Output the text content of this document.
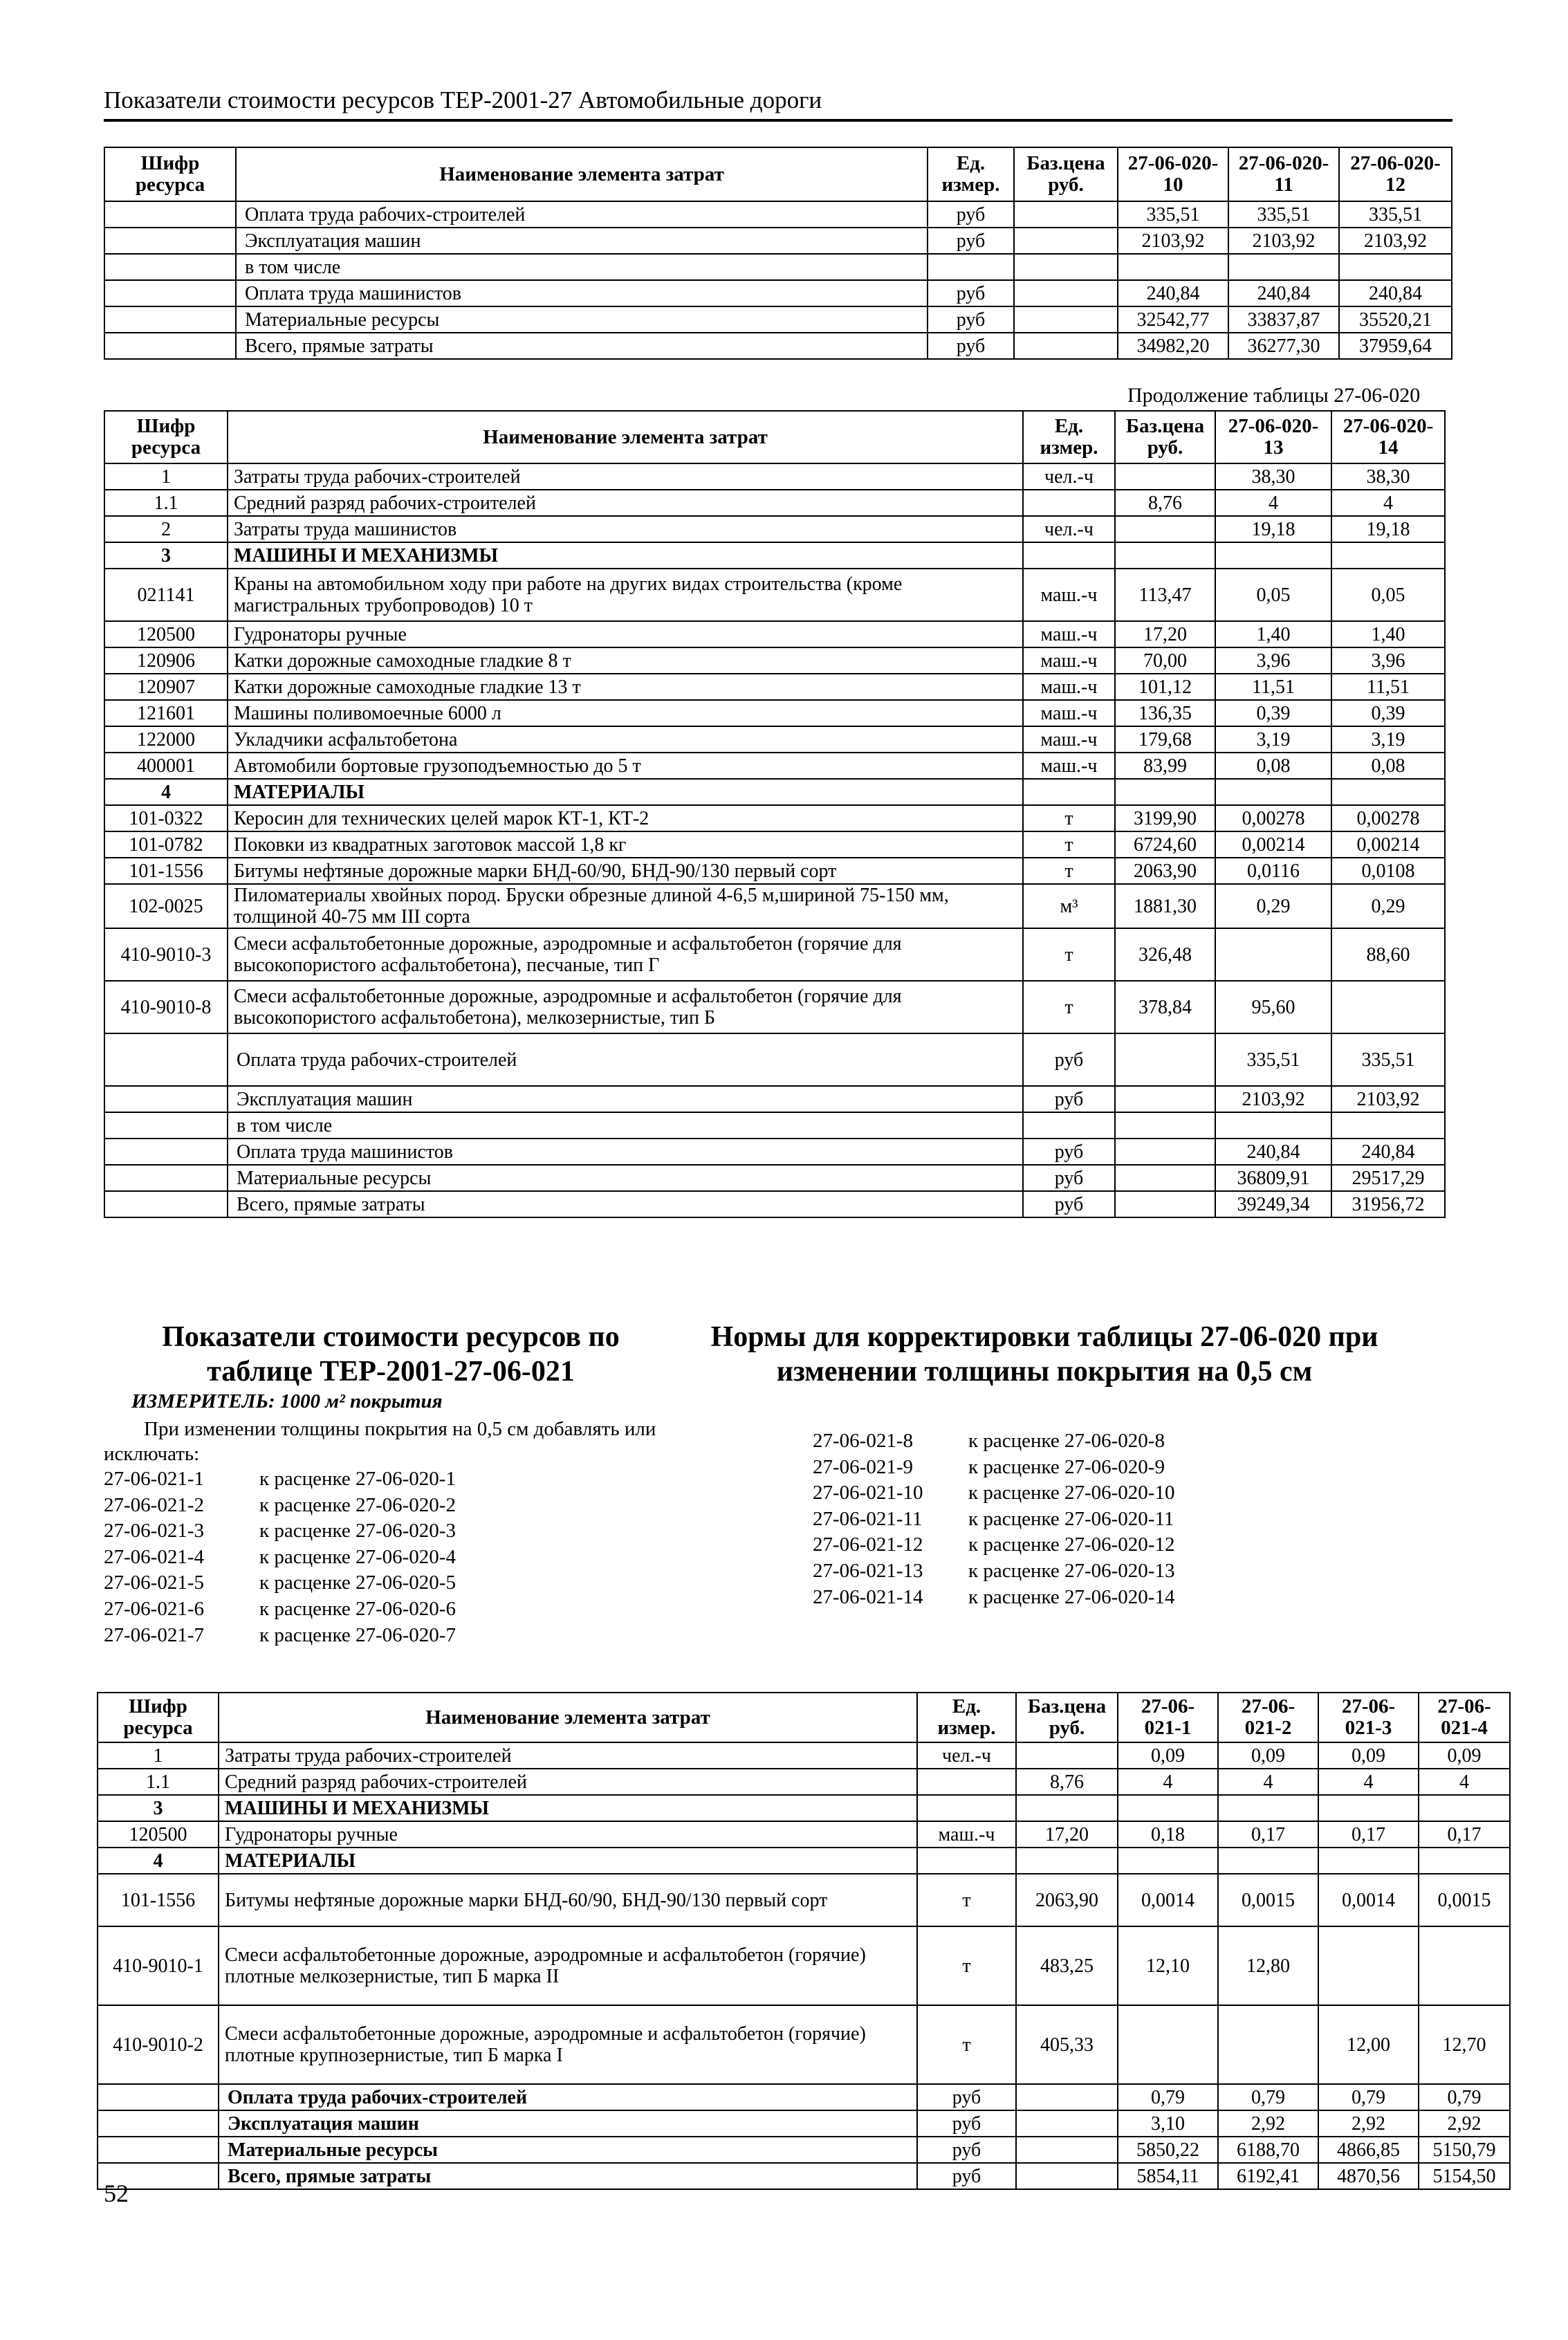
Показатели стоимости ресурсов ТЕР-2001-27 Автомобильные дороги
Шифр ресурса	Наименование элемента затрат	Ед. измер.	Баз.цена руб.	27-06-020-10	27-06-020-11	27-06-020-12
	Оплата труда рабочих-строителей	руб		335,51	335,51	335,51
	Эксплуатация машин	руб		2103,92	2103,92	2103,92
	в том числе					
	Оплата труда машинистов	руб		240,84	240,84	240,84
	Материальные ресурсы	руб		32542,77	33837,87	35520,21
	Всего, прямые затраты	руб		34982,20	36277,30	37959,64
Продолжение таблицы 27-06-020
Шифр ресурса	Наименование элемента затрат	Ед. измер.	Баз.цена руб.	27-06-020-13	27-06-020-14
1	Затраты труда рабочих-строителей	чел.-ч		38,30	38,30
1.1	Средний разряд рабочих-строителей		8,76	4	4
2	Затраты труда машинистов	чел.-ч		19,18	19,18
3	МАШИНЫ И МЕХАНИЗМЫ				
021141	Краны на автомобильном ходу при работе на других видах строительства (кроме магистральных трубопроводов) 10 т	маш.-ч	113,47	0,05	0,05
120500	Гудронаторы ручные	маш.-ч	17,20	1,40	1,40
120906	Катки дорожные самоходные гладкие 8 т	маш.-ч	70,00	3,96	3,96
120907	Катки дорожные самоходные гладкие 13 т	маш.-ч	101,12	11,51	11,51
121601	Машины поливомоечные 6000 л	маш.-ч	136,35	0,39	0,39
122000	Укладчики асфальтобетона	маш.-ч	179,68	3,19	3,19
400001	Автомобили бортовые грузоподъемностью до 5 т	маш.-ч	83,99	0,08	0,08
4	МАТЕРИАЛЫ				
101-0322	Керосин для технических целей марок КТ-1, КТ-2	т	3199,90	0,00278	0,00278
101-0782	Поковки из квадратных заготовок массой 1,8 кг	т	6724,60	0,00214	0,00214
101-1556	Битумы нефтяные дорожные марки БНД-60/90, БНД-90/130 первый сорт	т	2063,90	0,0116	0,0108
102-0025	Пиломатериалы хвойных пород. Бруски обрезные длиной 4-6,5 м,шириной 75-150 мм, толщиной 40-75 мм III сорта	м³	1881,30	0,29	0,29
410-9010-3	Смеси асфальтобетонные дорожные, аэродромные и асфальтобетон (горячие для высокопористого асфальтобетона), песчаные, тип Г	т	326,48		88,60
410-9010-8	Смеси асфальтобетонные дорожные, аэродромные и асфальтобетон (горячие для высокопористого асфальтобетона), мелкозернистые, тип Б	т	378,84	95,60	
	Оплата труда рабочих-строителей	руб		335,51	335,51
	Эксплуатация машин	руб		2103,92	2103,92
	в том числе				
	Оплата труда машинистов	руб		240,84	240,84
	Материальные ресурсы	руб		36809,91	29517,29
	Всего, прямые затраты	руб		39249,34	31956,72
Показатели стоимости ресурсов по
таблице ТЕР-2001-27-06-021
ИЗМЕРИТЕЛЬ: 1000 м² покрытия
При изменении толщины покрытия на 0,5 см добавлять или исключать:
27-06-021-1	к расценке 27-06-020-1
27-06-021-2	к расценке 27-06-020-2
27-06-021-3	к расценке 27-06-020-3
27-06-021-4	к расценке 27-06-020-4
27-06-021-5	к расценке 27-06-020-5
27-06-021-6	к расценке 27-06-020-6
27-06-021-7	к расценке 27-06-020-7
Нормы для корректировки таблицы 27-06-020 при
изменении толщины покрытия на 0,5 см
27-06-021-8	к расценке 27-06-020-8
27-06-021-9	к расценке 27-06-020-9
27-06-021-10	к расценке 27-06-020-10
27-06-021-11	к расценке 27-06-020-11
27-06-021-12	к расценке 27-06-020-12
27-06-021-13	к расценке 27-06-020-13
27-06-021-14	к расценке 27-06-020-14
Шифр ресурса	Наименование элемента затрат	Ед. измер.	Баз.цена руб.	27-06-021-1	27-06-021-2	27-06-021-3	27-06-021-4
1	Затраты труда рабочих-строителей	чел.-ч		0,09	0,09	0,09	0,09
1.1	Средний разряд рабочих-строителей		8,76	4	4	4	4
3	МАШИНЫ И МЕХАНИЗМЫ						
120500	Гудронаторы ручные	маш.-ч	17,20	0,18	0,17	0,17	0,17
4	МАТЕРИАЛЫ						
101-1556	Битумы нефтяные дорожные марки БНД-60/90, БНД-90/130 первый сорт	т	2063,90	0,0014	0,0015	0,0014	0,0015
410-9010-1	Смеси асфальтобетонные дорожные, аэродромные и асфальтобетон (горячие) плотные мелкозернистые, тип Б марка II	т	483,25	12,10	12,80		
410-9010-2	Смеси асфальтобетонные дорожные, аэродромные и асфальтобетон (горячие) плотные крупнозернистые, тип Б марка I	т	405,33			12,00	12,70
	Оплата труда рабочих-строителей	руб		0,79	0,79	0,79	0,79
	Эксплуатация машин	руб		3,10	2,92	2,92	2,92
	Материальные ресурсы	руб		5850,22	6188,70	4866,85	5150,79
	Всего, прямые затраты	руб		5854,11	6192,41	4870,56	5154,50
52
